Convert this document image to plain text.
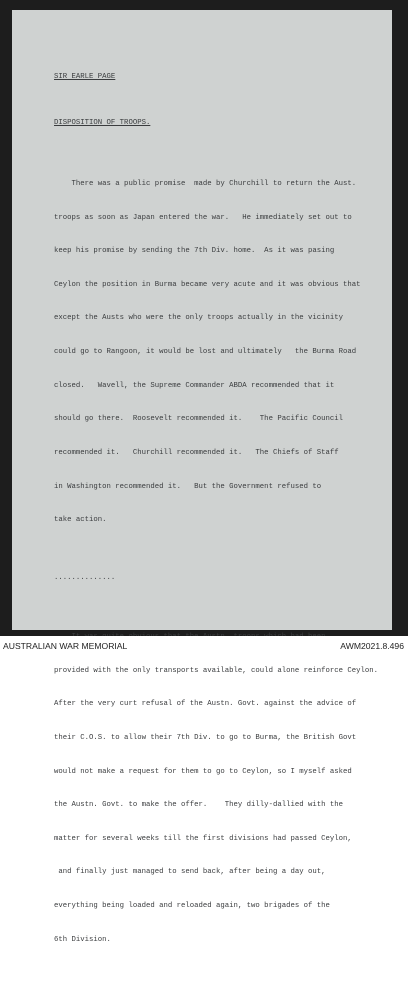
SIR EARLE PAGE

DISPOSITION OF TROOPS.

There was a public promise  made by Churchill to return the Aust.

troops as soon as Japan entered the war.   He immediately set out to

keep his promise by sending the 7th Div. home.  As it was pasing

Ceylon the position in Burma became very acute and it was obvious that

except the Austs who were the only troops actually in the vicinity

could go to Rangoon, it would be lost and ultimately   the Burma Road

closed.   Wavell, the Supreme Commander ABDA recommended that it

should go there.  Roosevelt recommended it.    The Pacific Council

recommended it.   Churchill recommended it.   The Chiefs of Staff

in Washington recommended it.   But the Government refused to

take action.

..............

provided with the only transports available, could alone reinforce Ceylon.

After the very curt refusal of the Austn. Govt. against the advice of

their C.O.S. to allow their 7th Div. to go to Burma, the British Govt

would not make a request for them to go to Ceylon, so I myself asked

the Austn. Govt. to make the offer.    They dilly-dallied with the

matter for several weeks till the first divisions had passed Ceylon,

and finally just managed to send back, after being a day out,

everything being loaded and reloaded again, two brigades of the

6th Division.

AUSTRALIAN WAR MEMORIAL	AWM2021.8.496
